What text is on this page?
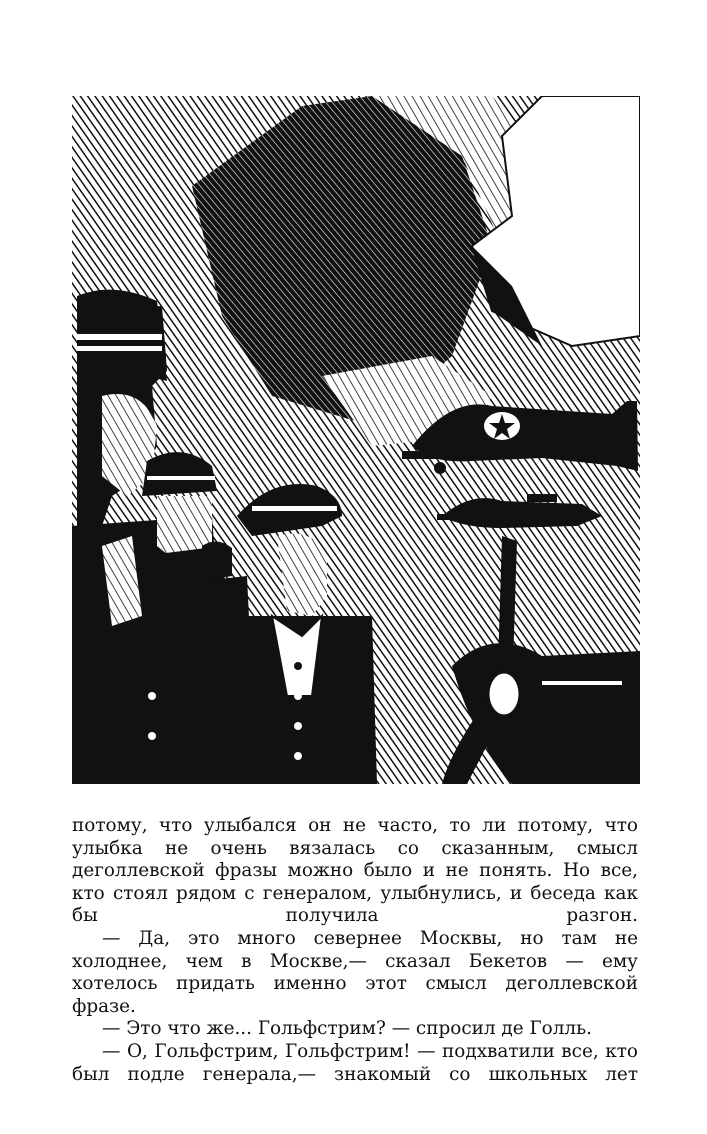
потому, что улыбался он не часто, то ли потому, что улыбка не очень вязалась со сказанным, смысл деголлевской фразы можно было и не понять. Но все, кто стоял рядом с генералом, улыбнулись, и беседа как бы получила разгон.

— Да, это много севернее Москвы, но там не холоднее, чем в Москве,— сказал Бекетов — ему хотелось придать именно этот смысл деголлевской фразе.

— Это что же... Гольфстрим? — спросил де Голль.

— О, Гольфстрим, Гольфстрим! — подхватили все, кто был подле генерала,— знакомый со школьных лет
